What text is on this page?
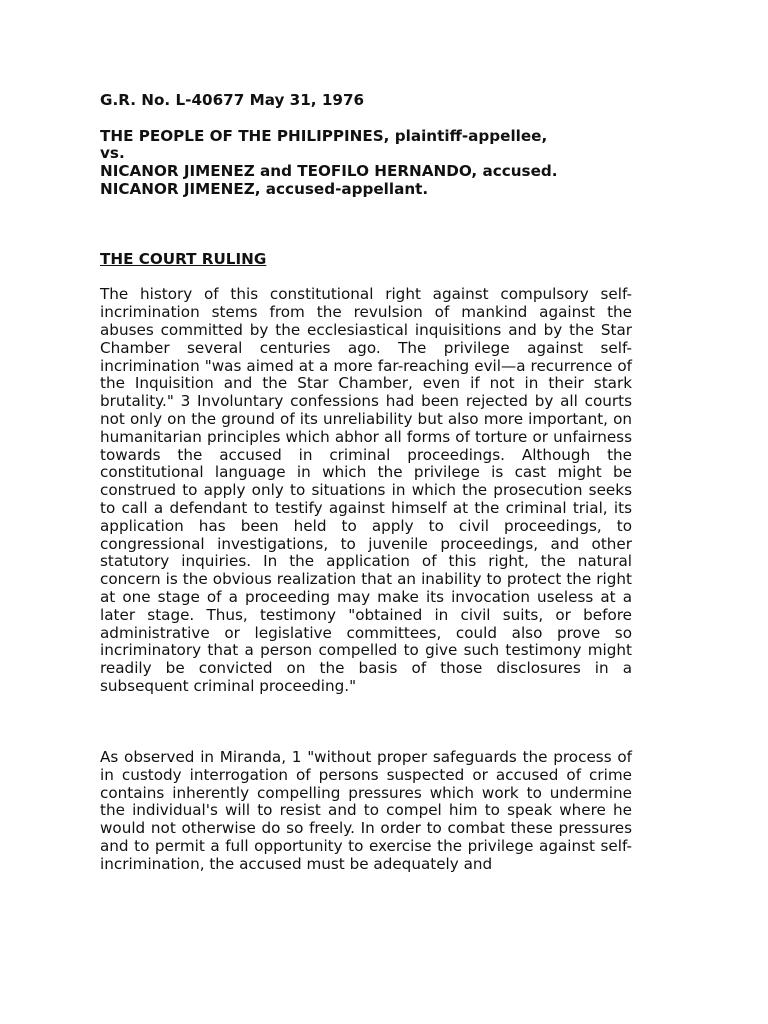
G.R. No. L-40677 May 31, 1976
THE PEOPLE OF THE PHILIPPINES, plaintiff-appellee,
vs.
NICANOR JIMENEZ and TEOFILO HERNANDO, accused.
NICANOR JIMENEZ, accused-appellant.
THE COURT RULING

The history of this constitutional right against compulsory self- incrimination stems from the revulsion of mankind against the abuses committed by the ecclesiastical inquisitions and by the Star Chamber several centuries ago. The privilege against self-incrimination "was aimed at a more far-reaching evil—a recurrence of the Inquisition and the Star Chamber, even if not in their stark brutality." 3 Involuntary confessions had been rejected by all courts not only on the ground of its unreliability but also more important, on humanitarian principles which abhor all forms of torture or unfairness towards the accused in criminal proceedings. Although the constitutional language in which the privilege is cast might be construed to apply only to situations in which the prosecution seeks to call a defendant to testify against himself at the criminal trial, its application has been held to apply to civil proceedings, to congressional investigations, to juvenile proceedings, and other statutory inquiries. In the application of this right, the natural concern is the obvious realization that an inability to protect the right at one stage of a proceeding may make its invocation useless at a later stage. Thus, testimony "obtained in civil suits, or before administrative or legislative committees, could also prove so incriminatory that a person compelled to give such testimony might readily be convicted on the basis of those disclosures in a subsequent criminal proceeding."

As observed in Miranda, 1 "without proper safeguards the process of in custody interrogation of persons suspected or accused of crime contains inherently compelling pressures which work to undermine the individual's will to resist and to compel him to speak where he would not otherwise do so freely. In order to combat these pressures and to permit a full opportunity to exercise the privilege against self-incrimination, the accused must be adequately and
